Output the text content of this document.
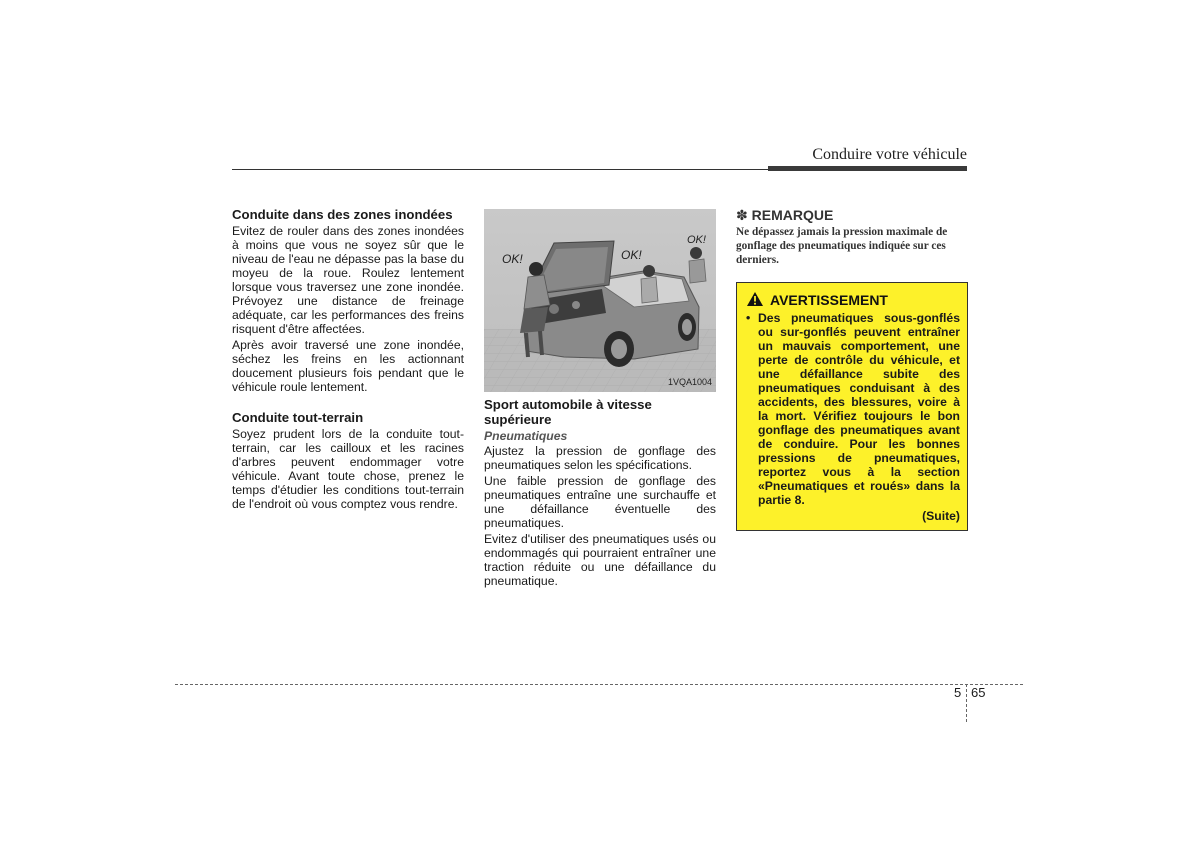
Conduire votre véhicule
Conduite dans des zones inondées

Evitez de rouler dans des zones inondées à moins que vous ne soyez sûr que le niveau de l'eau ne dépasse pas la base du moyeu de la roue. Roulez lentement lorsque vous traversez une zone inondée. Prévoyez une distance de freinage adéquate, car les performances des freins risquent d'être affectées.

Après avoir traversé une zone inondée, séchez les freins en les actionnant doucement plusieurs fois pendant que le véhicule roule lentement.

Conduite tout-terrain

Soyez prudent lors de la conduite tout-terrain, car les cailloux et les racines d'arbres peuvent endommager votre véhicule. Avant toute chose, prenez le temps d'étudier les conditions tout-terrain de l'endroit où vous comptez vous rendre.

OK!	OK!
OK!
1VQA1004
Sport automobile à vitesse supérieure
Pneumatiques

Ajustez la pression de gonflage des pneumatiques selon les spécifications.

Une faible pression de gonflage des pneumatiques entraîne une surchauffe et une défaillance éventuelle des pneumatiques.

Evitez d'utiliser des pneumatiques usés ou endommagés qui pourraient entraîner une traction réduite ou une défaillance du pneumatique.

✽ REMARQUE

Ne dépassez jamais la pression maximale de gonflage des pneumatiques indiquée sur ces derniers.

AVERTISSEMENT
• Des pneumatiques sous-gonflés ou sur-gonflés peuvent entraîner un mauvais comportement, une perte de contrôle du véhicule, et une défaillance subite des pneumatiques conduisant à des accidents, des blessures, voire à la mort. Vérifiez toujours le bon gonflage des pneumatiques avant de conduire. Pour les bonnes pressions de pneumatiques, reportez vous à la section «Pneumatiques et roués» dans la partie 8.
(Suite)
5 65
